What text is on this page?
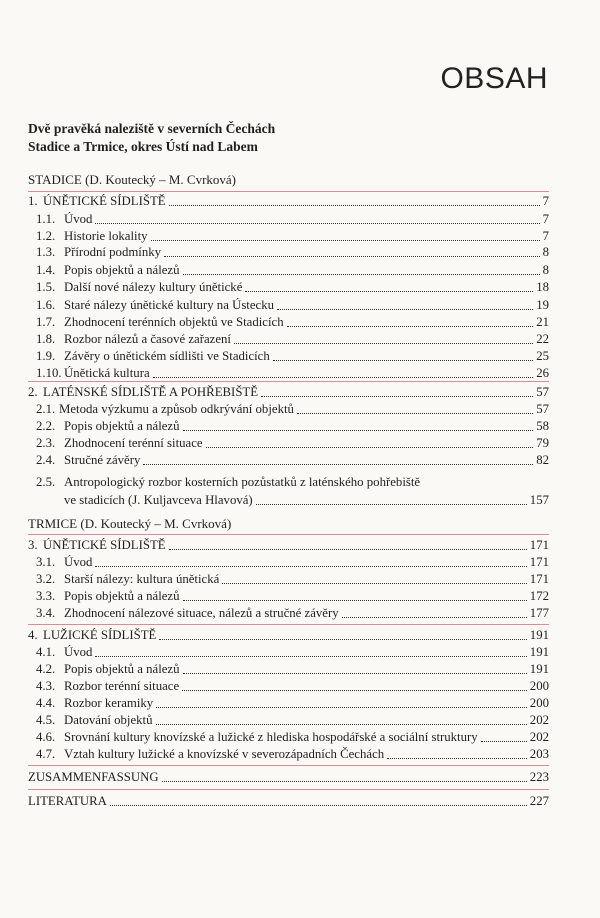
OBSAH
Dvě pravěká naleziště v severních Čechách
Stadice a Trmice, okres Ústí nad Labem
STADICE (D. Koutecký – M. Cvrková)
1. ÚNĚTICKÉ SÍDLIŠTĚ	7
1.1. Úvod	7
1.2. Historie lokality	7
1.3. Přírodní podmínky	8
1.4. Popis objektů a nálezů	8
1.5. Další nové nálezy kultury únětické	18
1.6. Staré nálezy únětické kultury na Ústecku	19
1.7. Zhodnocení terénních objektů ve Stadicích	21
1.8. Rozbor nálezů a časové zařazení	22
1.9. Závěry o únětickém sídlišti ve Stadicích	25
1.10. Únětická kultura	26
2. LATÉNSKÉ SÍDLIŠTĚ A POHŘEBIŠTĚ	57
2.1. Metoda výzkumu a způsob odkrývání objektů	57
2.2. Popis objektů a nálezů	58
2.3. Zhodnocení terénní situace	79
2.4. Stručné závěry	82
2.5. Antropologický rozbor kosterních pozůstatků z laténského pohřebiště
ve stadicích (J. Kuljavceva Hlavová)	157
TRMICE (D. Koutecký – M. Cvrková)
3. ÚNĚTICKÉ SÍDLIŠTĚ	171
3.1. Úvod	171
3.2. Starší nálezy: kultura únětická	171
3.3. Popis objektů a nálezů	172
3.4. Zhodnocení nálezové situace, nálezů a stručné závěry	177
4. LUŽICKÉ SÍDLIŠTĚ	191
4.1. Úvod	191
4.2. Popis objektů a nálezů	191
4.3. Rozbor terénní situace	200
4.4. Rozbor keramiky	200
4.5. Datování objektů	202
4.6. Srovnání kultury knovízské a lužické z hlediska hospodářské a sociální struktury	202
4.7. Vztah kultury lužické a knovízské v severozápadních Čechách	203
ZUSAMMENFASSUNG	223
LITERATURA	227
